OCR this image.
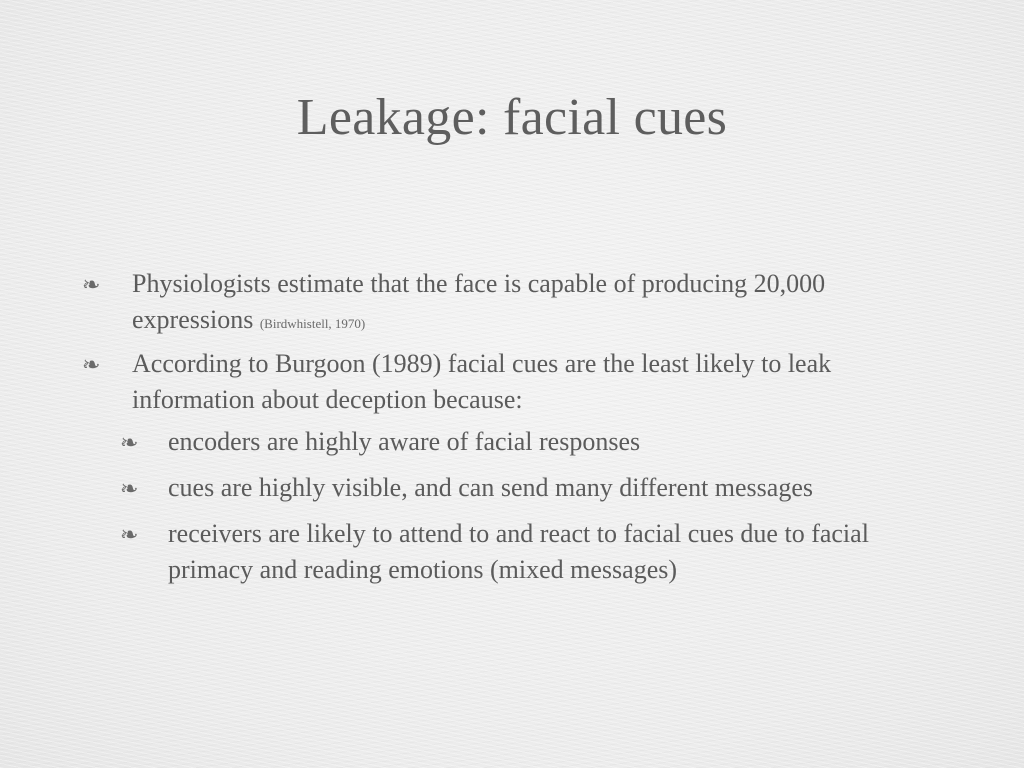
Leakage: facial cues
❧ Physiologists estimate that the face is capable of producing 20,000 expressions (Birdwhistell, 1970)
❧ According to Burgoon (1989) facial cues are the least likely to leak information about deception because:
❧ encoders are highly aware of facial responses
❧ cues are highly visible, and can send many different messages
❧ receivers are likely to attend to and react to facial cues due to facial primacy and reading emotions (mixed messages)
